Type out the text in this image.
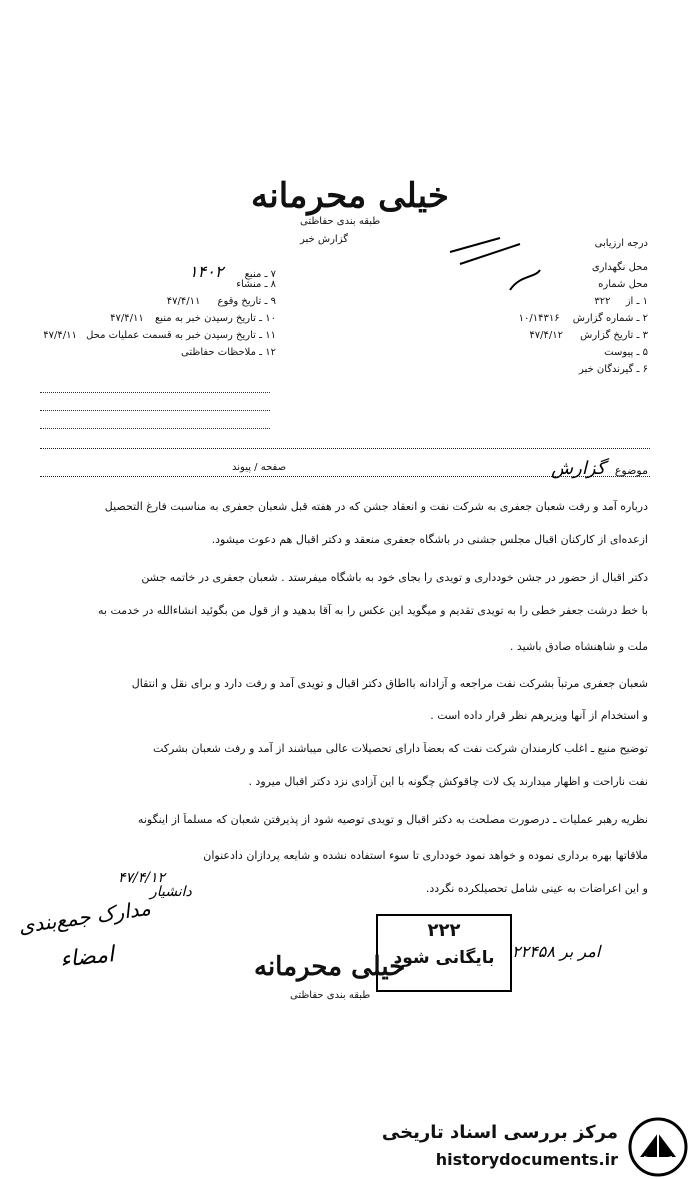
خیلی محرمانه
طبقه بندی حفاظتی
گزارش خبر	درجه ارزیابی
۷ ـ منبع ۱۴۰۲
۸ ـ منشاء
۹ ـ تاریخ وقوع ۴۷/۴/۱۱
۱۰ ـ تاریخ رسیدن خبر به منبع ۴۷/۴/۱۱
۱۱ ـ تاریخ رسیدن خبر به قسمت عملیات محل ۴۷/۴/۱۱
۱۲ ـ ملاحظات حفاظتی
محل نگهداری
محل شماره
۱ ـ از ۳۲۲
۲ ـ شماره گزارش ۱۰/۱۴۳۱۶
۳ ـ تاریخ گزارش ۴۷/۴/۱۲
۵ ـ پیوست
۶ ـ گیرندگان خبر
صفحه / پیوند	موضوع گزارش
درباره آمد و رفت شعبان جعفری به شرکت نفت و انعقاد جشن که در هفته قبل شعبان جعفری به مناسبت فارغ التحصیل
ازعده‌ای از کارکنان اقبال مجلس جشنی در باشگاه جعفری منعقد و دکتر اقبال هم دعوت میشود.
دکتر اقبال از حضور در جشن خودداری و تویدی را بجای خود به باشگاه میفرستد . شعبان جعفری در خاتمه جشن
با خط درشت جعفر خطی را به تویدی تقدیم و میگوید این عکس را به آقا بدهید و از قول من بگوئید انشاءالله در خدمت به
ملت و شاهنشاه صادق باشید .
شعبان جعفری مرتباً بشرکت نفت مراجعه و آزادانه بااطاق دکتر اقبال و تویدی آمد و رفت دارد و برای نقل و انتقال
و استخدام از آنها ویزیرهم نظر قرار داده است .
توضیح منبع ـ اغلب کارمندان شرکت نفت که بعضاً دارای تحصیلات عالی میباشند از آمد و رفت شعبان بشرکت
نفت ناراحت و اظهار میدارند یک لات چاقوکش چگونه با این آزادی نزد دکتر اقبال میرود .
نظریه رهبر عملیات ـ درصورت مصلحت به دکتر اقبال و تویدی توصیه شود از پذیرفتن شعبان که مسلماً از اینگونه
ملاقاتها بهره برداری نموده و خواهد نمود خودداری تا سوء استفاده نشده و شایعه پردازان دادعنوان
و این اعراضات به عینی شامل تحصیلکرده نگردد.
۴۷/۴/۱۲
دانشیار
مدارک جمع‌بندی
امضاء
۲۲۲
بایگانی شود	امر بر ۲۲۴۵۸
خیلی محرمانه
طبقه بندی حفاظتی
مرکز بررسی اسناد تاریخی
historydocuments.ir
